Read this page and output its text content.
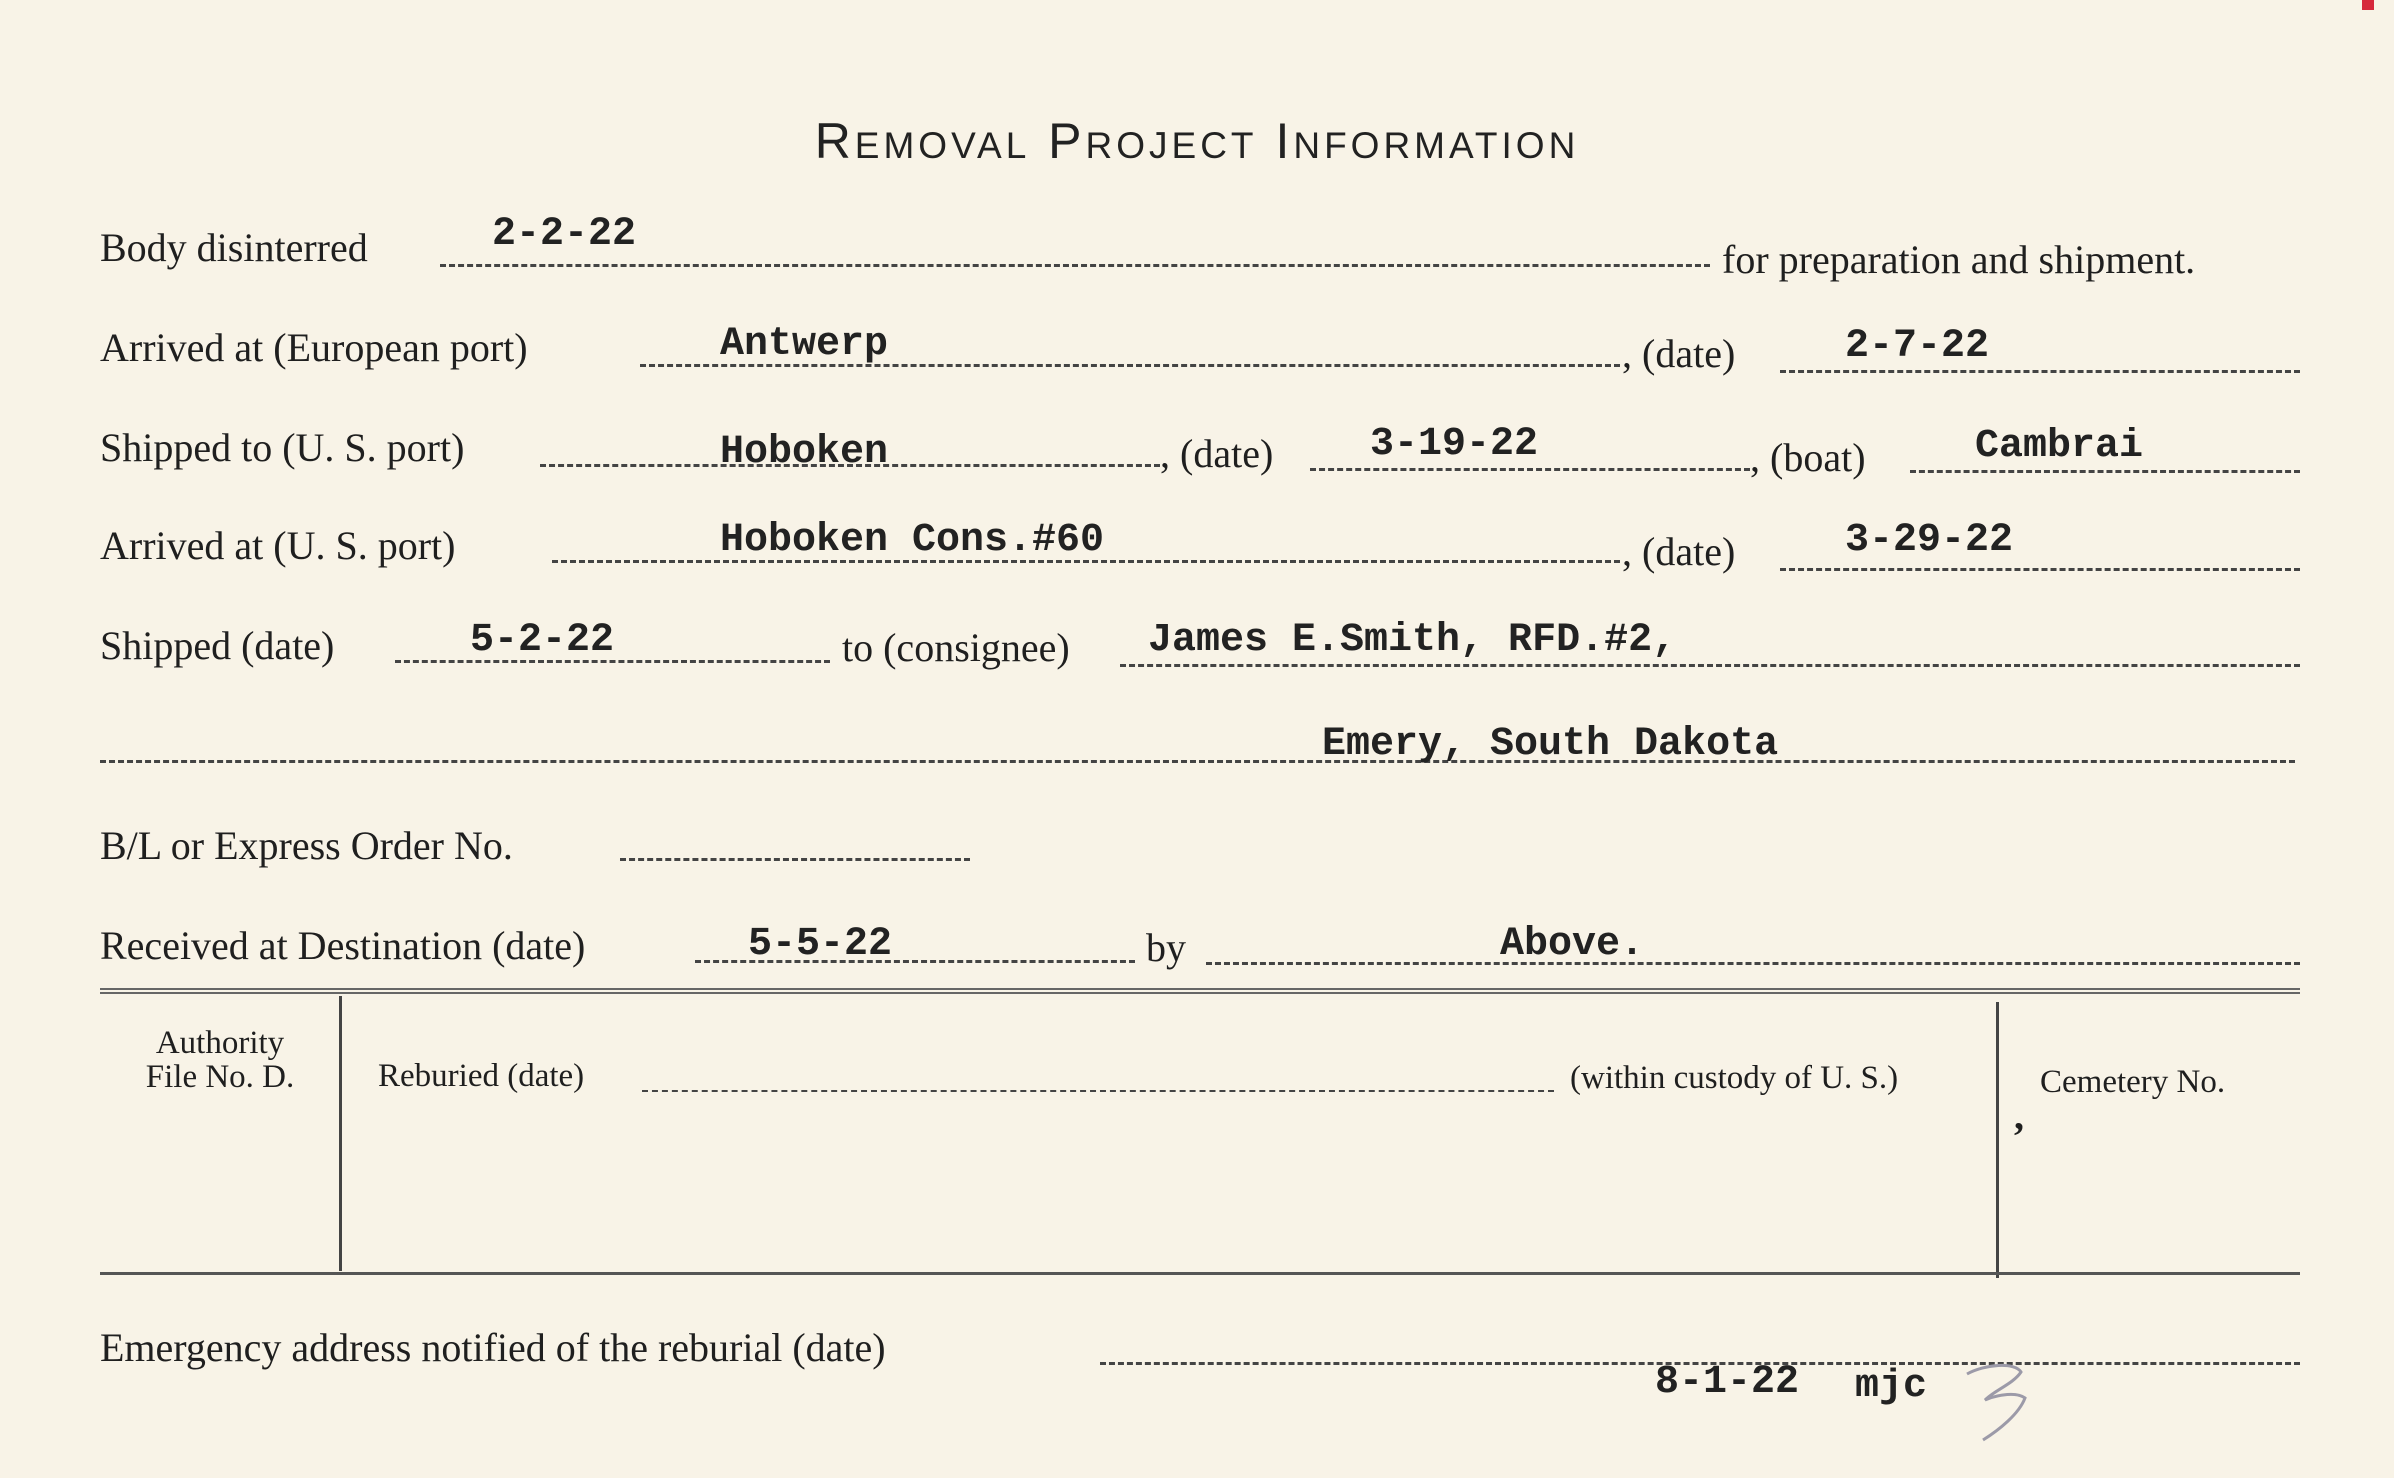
REMOVAL PROJECT INFORMATION
Body disinterred	2-2-22
for preparation and shipment.
Arrived at (European port)	Antwerp	, (date)	2-7-22
Shipped to (U. S. port)	Hoboken	, (date) 3-19-22	, (boat)	Cambrai
Arrived at (U. S. port)	Hoboken Cons.#60	, (date)	3-29-22
Shipped (date)	5-2-22	to (consignee) James E.Smith, RFD.#2,
Emery, South Dakota
B/L or Express Order No.
Received at Destination (date)	5-5-22	by	Above.
Authority
File No. D.	Reburied (date)	(within custody of U. S.)	Cemetery No.
,
Emergency address notified of the reburial (date)
8-1-22 mjc
